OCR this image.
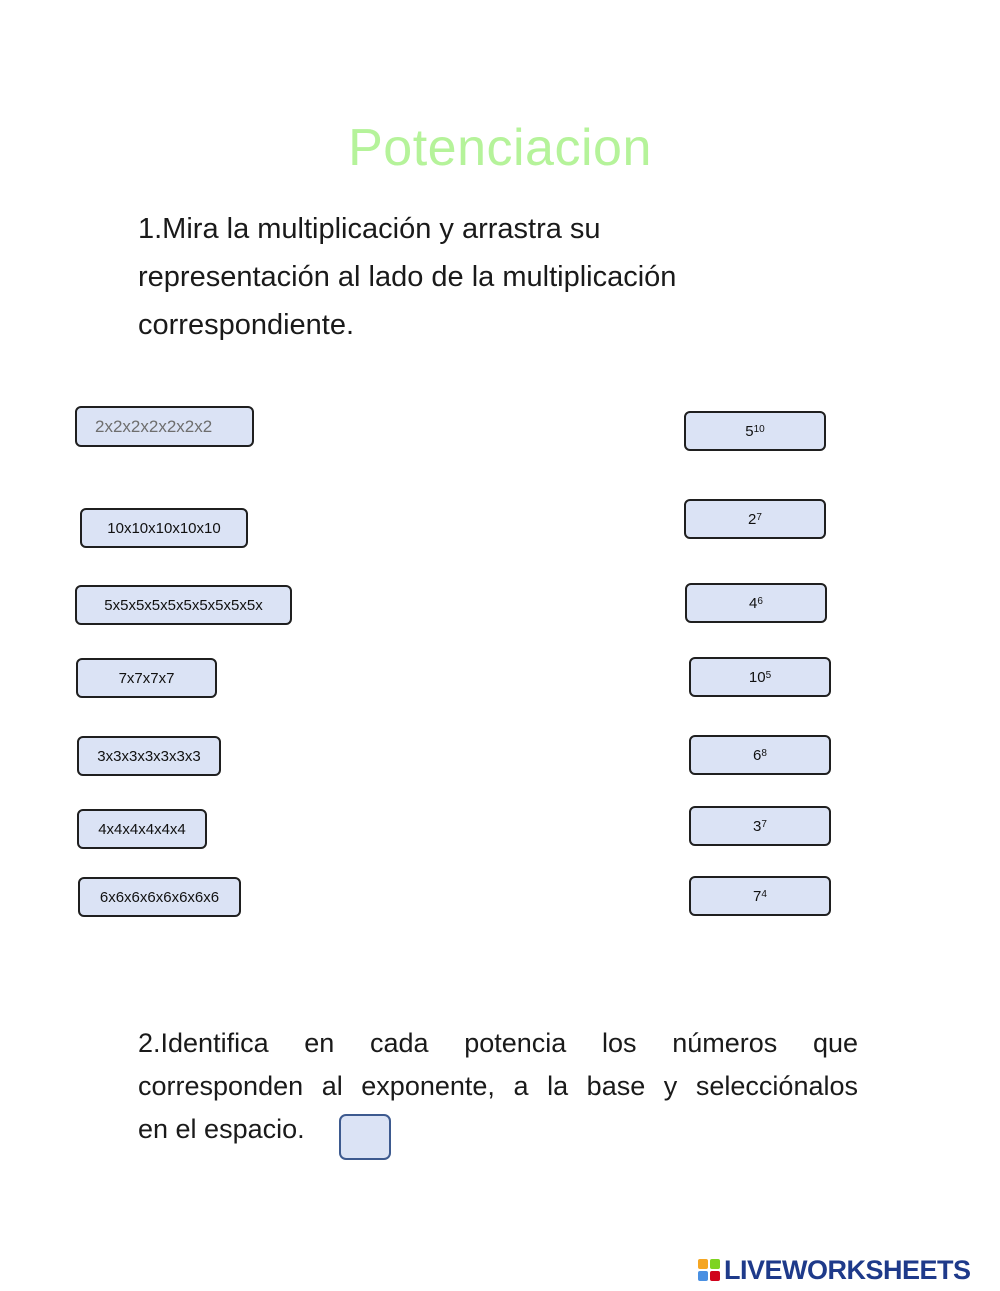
Potenciacion
1.Mira la multiplicación y arrastra su
representación al lado de la multiplicación
correspondiente.
2x2x2x2x2x2x2
10x10x10x10x10
5x5x5x5x5x5x5x5x5x5x
7x7x7x7
3x3x3x3x3x3x3
4x4x4x4x4x4
6x6x6x6x6x6x6x6
$5^{10}$
$2^7$
$4^6$
$10^5$
$6^8$
$3^7$
$7^4$
2.Identifica en cada potencia los números que
corresponden al exponente, a la base y selecciónalos
en el espacio.
LIVEWORKSHEETS
